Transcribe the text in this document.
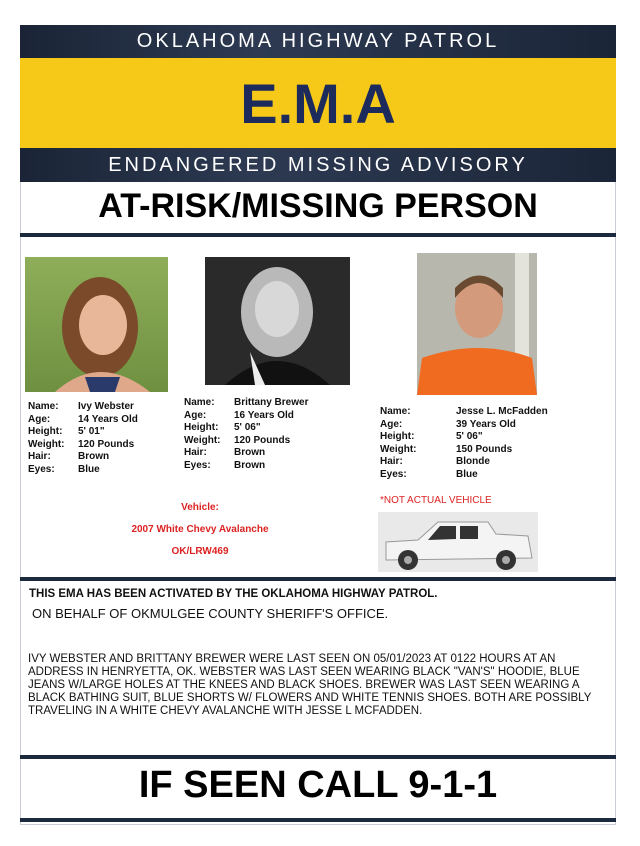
OKLAHOMA HIGHWAY PATROL
E.M.A
ENDANGERED MISSING ADVISORY
AT-RISK/MISSING PERSON
Name:	Ivy Webster
Age:	14 Years Old
Height:	5' 01"
Weight:	120 Pounds
Hair:	Brown
Eyes:	Blue
Name:	Brittany Brewer
Age:	16 Years Old
Height:	5' 06"
Weight:	120 Pounds
Hair:	Brown
Eyes:	Brown
Name:	Jesse L. McFadden
Age:	39 Years Old
Height:	5' 06"
Weight:	150 Pounds
Hair:	Blonde
Eyes:	Blue
Vehicle:
2007 White Chevy Avalanche
OK/LRW469
*NOT ACTUAL VEHICLE
THIS EMA HAS BEEN ACTIVATED BY THE OKLAHOMA HIGHWAY PATROL.
ON BEHALF OF OKMULGEE COUNTY SHERIFF'S OFFICE.
IVY WEBSTER AND BRITTANY BREWER WERE LAST SEEN ON 05/01/2023 AT 0122 HOURS AT AN ADDRESS IN HENRYETTA, OK. WEBSTER WAS LAST SEEN WEARING BLACK "VAN'S" HOODIE, BLUE JEANS W/LARGE HOLES AT THE KNEES AND BLACK SHOES. BREWER WAS LAST SEEN WEARING A BLACK BATHING SUIT, BLUE SHORTS W/ FLOWERS AND WHITE TENNIS SHOES. BOTH ARE POSSIBLY TRAVELING IN A WHITE CHEVY AVALANCHE WITH JESSE L MCFADDEN.
IF SEEN CALL 9-1-1
